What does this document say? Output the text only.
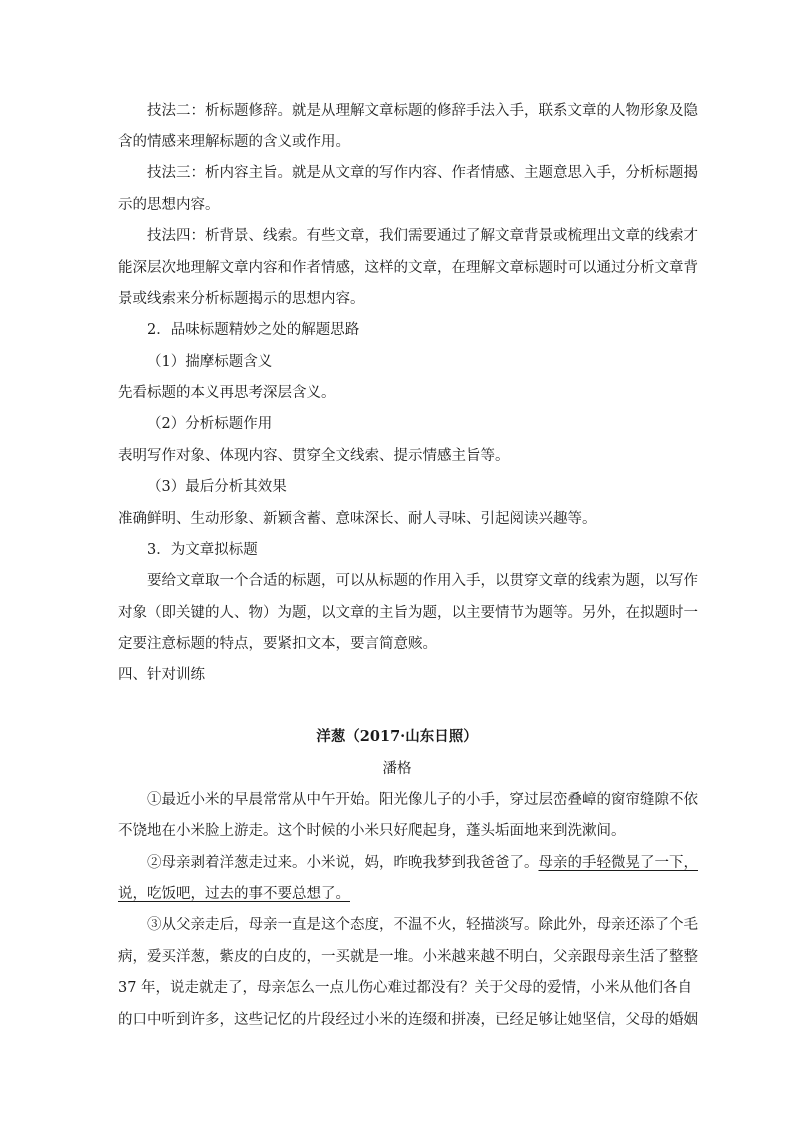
技法二：析标题修辞。就是从理解文章标题的修辞手法入手，联系文章的人物形象及隐
含的情感来理解标题的含义或作用。
技法三：析内容主旨。就是从文章的写作内容、作者情感、主题意思入手，分析标题揭
示的思想内容。
技法四：析背景、线索。有些文章，我们需要通过了解文章背景或梳理出文章的线索才
能深层次地理解文章内容和作者情感，这样的文章，在理解文章标题时可以通过分析文章背
景或线索来分析标题揭示的思想内容。
2．品味标题精妙之处的解题思路
（1）揣摩标题含义
先看标题的本义再思考深层含义。
（2）分析标题作用
表明写作对象、体现内容、贯穿全文线索、提示情感主旨等。
（3）最后分析其效果
准确鲜明、生动形象、新颖含蓄、意味深长、耐人寻味、引起阅读兴趣等。
3．为文章拟标题
要给文章取一个合适的标题，可以从标题的作用入手，以贯穿文章的线索为题，以写作
对象（即关键的人、物）为题，以文章的主旨为题，以主要情节为题等。另外，在拟题时一
定要注意标题的特点，要紧扣文本，要言简意赅。
四、针对训练
洋葱（2017·山东日照）
潘格
①最近小米的早晨常常从中午开始。阳光像儿子的小手，穿过层峦叠嶂的窗帘缝隙不依
不饶地在小米脸上游走。这个时候的小米只好爬起身，蓬头垢面地来到洗漱间。
②母亲剥着洋葱走过来。小米说，妈，昨晚我梦到我爸爸了。母亲的手轻微晃了一下，
说，吃饭吧，过去的事不要总想了。
③从父亲走后，母亲一直是这个态度，不温不火，轻描淡写。除此外，母亲还添了个毛
病，爱买洋葱，紫皮的白皮的，一买就是一堆。小米越来越不明白，父亲跟母亲生活了整整
37 年，说走就走了，母亲怎么一点儿伤心难过都没有？关于父母的爱情，小米从他们各自
的口中听到许多，这些记忆的片段经过小米的连缀和拼凑，已经足够让她坚信，父母的婚姻
